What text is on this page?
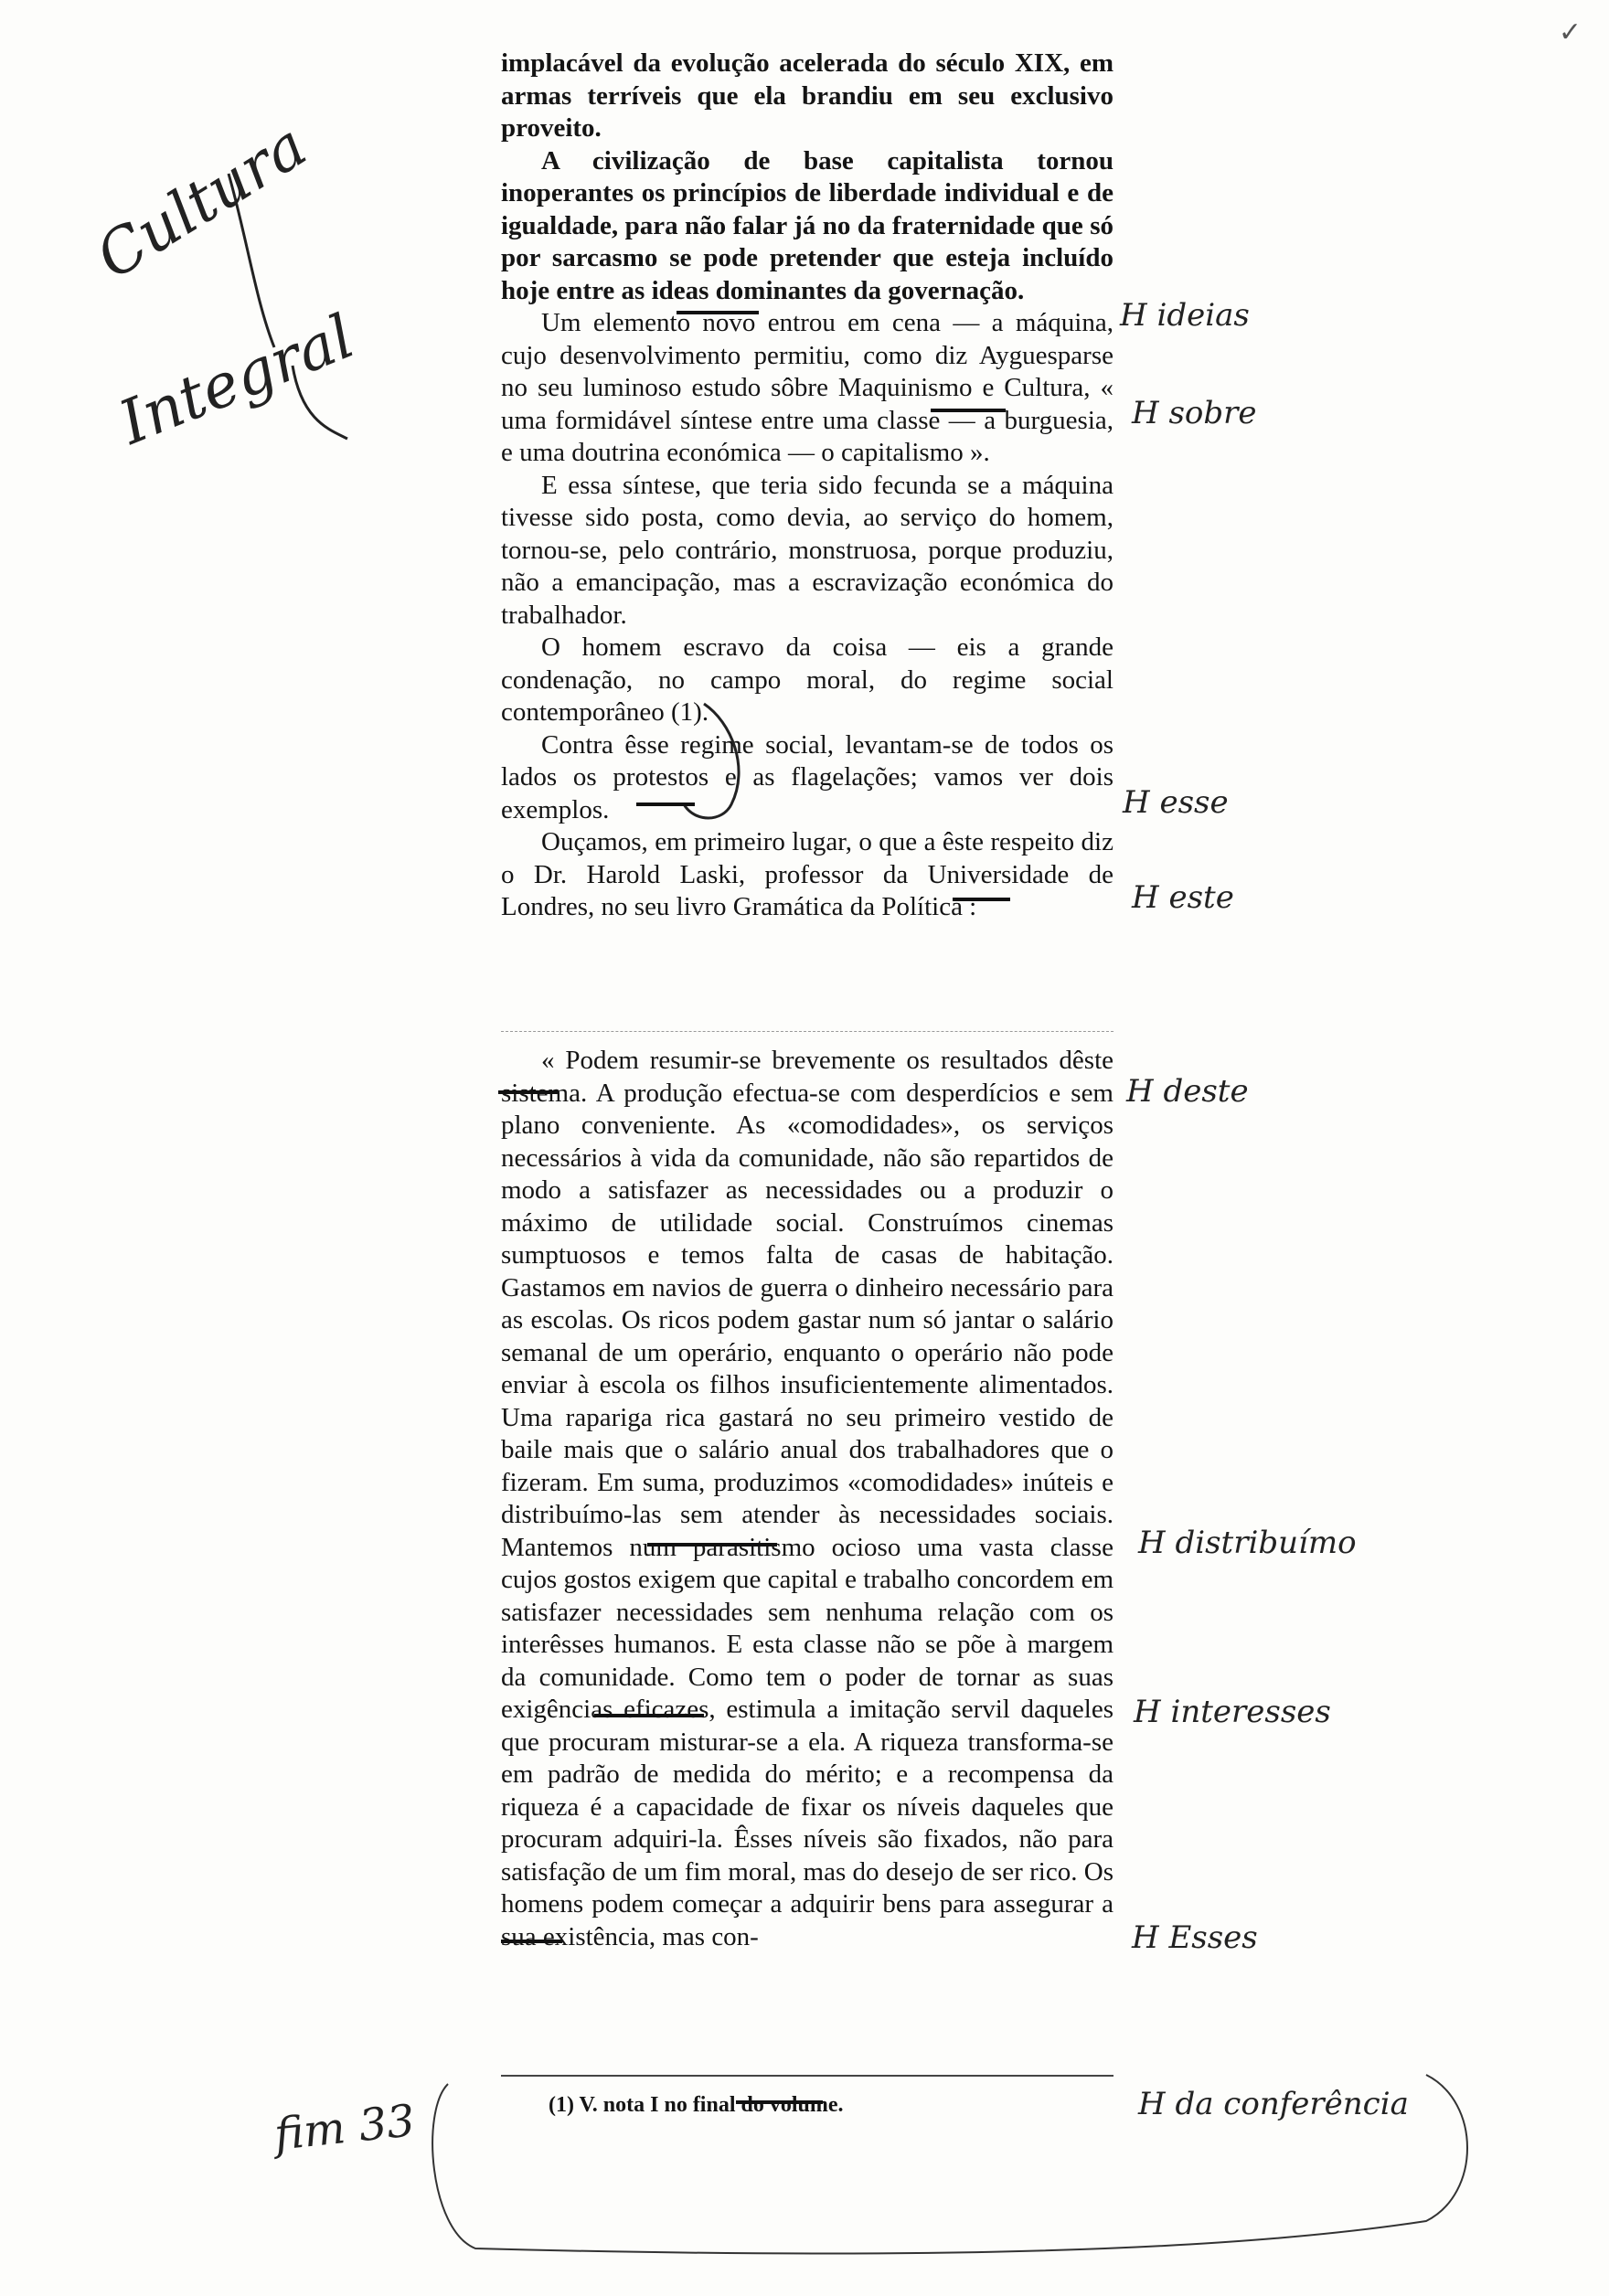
✓

implacável da evolução acelerada do século XIX, em armas terríveis que ela brandiu em seu exclusivo proveito.

A civilização de base capitalista tornou inoperantes os princípios de liberdade individual e de igualdade, para não falar já no da fraternidade que só por sarcasmo se pode pretender que esteja incluído hoje entre as ideas dominantes da governação.

Um elemento novo entrou em cena — a máquina, cujo desenvolvimento permitiu, como diz Ayguesparse no seu luminoso estudo sôbre Maquinismo e Cultura, « uma formidável síntese entre uma classe — a burguesia, e uma doutrina económica — o capitalismo ».

E essa síntese, que teria sido fecunda se a máquina tivesse sido posta, como devia, ao serviço do homem, tornou-se, pelo contrário, monstruosa, porque produziu, não a emancipação, mas a escravização económica do trabalhador.

O homem escravo da coisa — eis a grande condenação, no campo moral, do regime social contemporâneo (1).

Contra êsse regime social, levantam-se de todos os lados os protestos e as flagelações; vamos ver dois exemplos.

Ouçamos, em primeiro lugar, o que a êste respeito diz o Dr. Harold Laski, professor da Universidade de Londres, no seu livro Gramática da Política :

« Podem resumir-se brevemente os resultados dêste sistema. A produção efectua-se com desperdícios e sem plano conveniente. As «comodidades», os serviços necessários à vida da comunidade, não são repartidos de modo a satisfazer as necessidades ou a produzir o máximo de utilidade social. Construímos cinemas sumptuosos e temos falta de casas de habitação. Gastamos em navios de guerra o dinheiro necessário para as escolas. Os ricos podem gastar num só jantar o salário semanal de um operário, enquanto o operário não pode enviar à escola os filhos insuficientemente alimentados. Uma rapariga rica gastará no seu primeiro vestido de baile mais que o salário anual dos trabalhadores que o fizeram. Em suma, produzimos «comodidades» inúteis e distribuímo-las sem atender às necessidades sociais. Mantemos num parasitismo ocioso uma vasta classe cujos gostos exigem que capital e trabalho concordem em satisfazer necessidades sem nenhuma relação com os interêsses humanos. E esta classe não se põe à margem da comunidade. Como tem o poder de tornar as suas exigências eficazes, estimula a imitação servil daqueles que procuram misturar-se a ela. A riqueza transforma-se em padrão de medida do mérito; e a recompensa da riqueza é a capacidade de fixar os níveis daqueles que procuram adquiri-la. Êsses níveis são fixados, não para satisfação de um fim moral, mas do desejo de ser rico. Os homens podem começar a adquirir bens para assegurar a sua existência, mas con-

(1) V. nota I no final do volume.
Cultura
Integral	H ideias
H sobre
H esse
H este
H deste
H distribuímo
H interesses
H Esses
H da conferência
fim 33
